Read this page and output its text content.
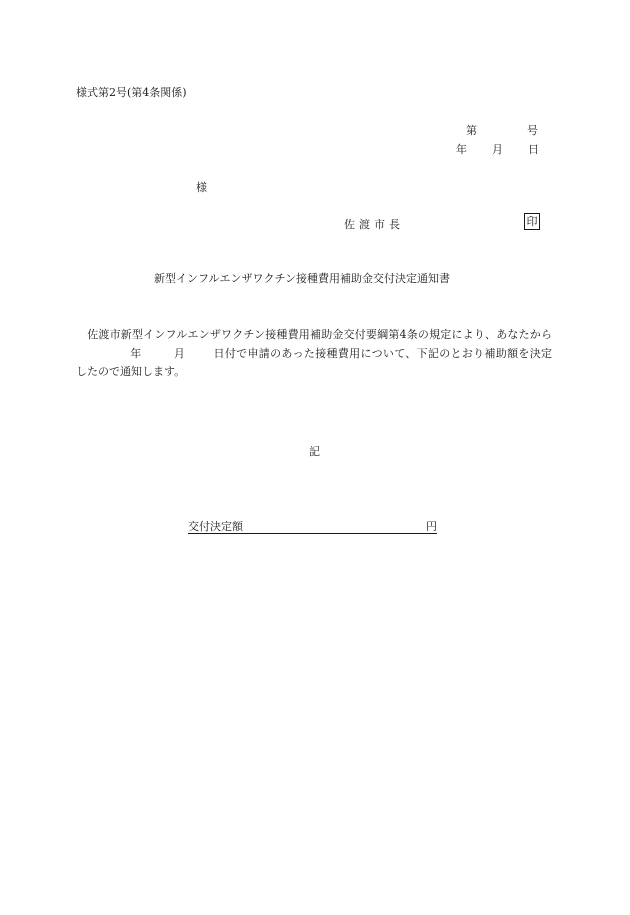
様式第2号(第4条関係)
第	号
年 月 日
様
佐渡市長	印
新型インフルエンザワクチン接種費用補助金交付決定通知書
佐渡市新型インフルエンザワクチン接種費用補助金交付要綱第4条の規定により、あなたから年	月	日付で申請のあった接種費用について、下記のとおり補助額を決定したので通知します。
記
交付決定額	円
